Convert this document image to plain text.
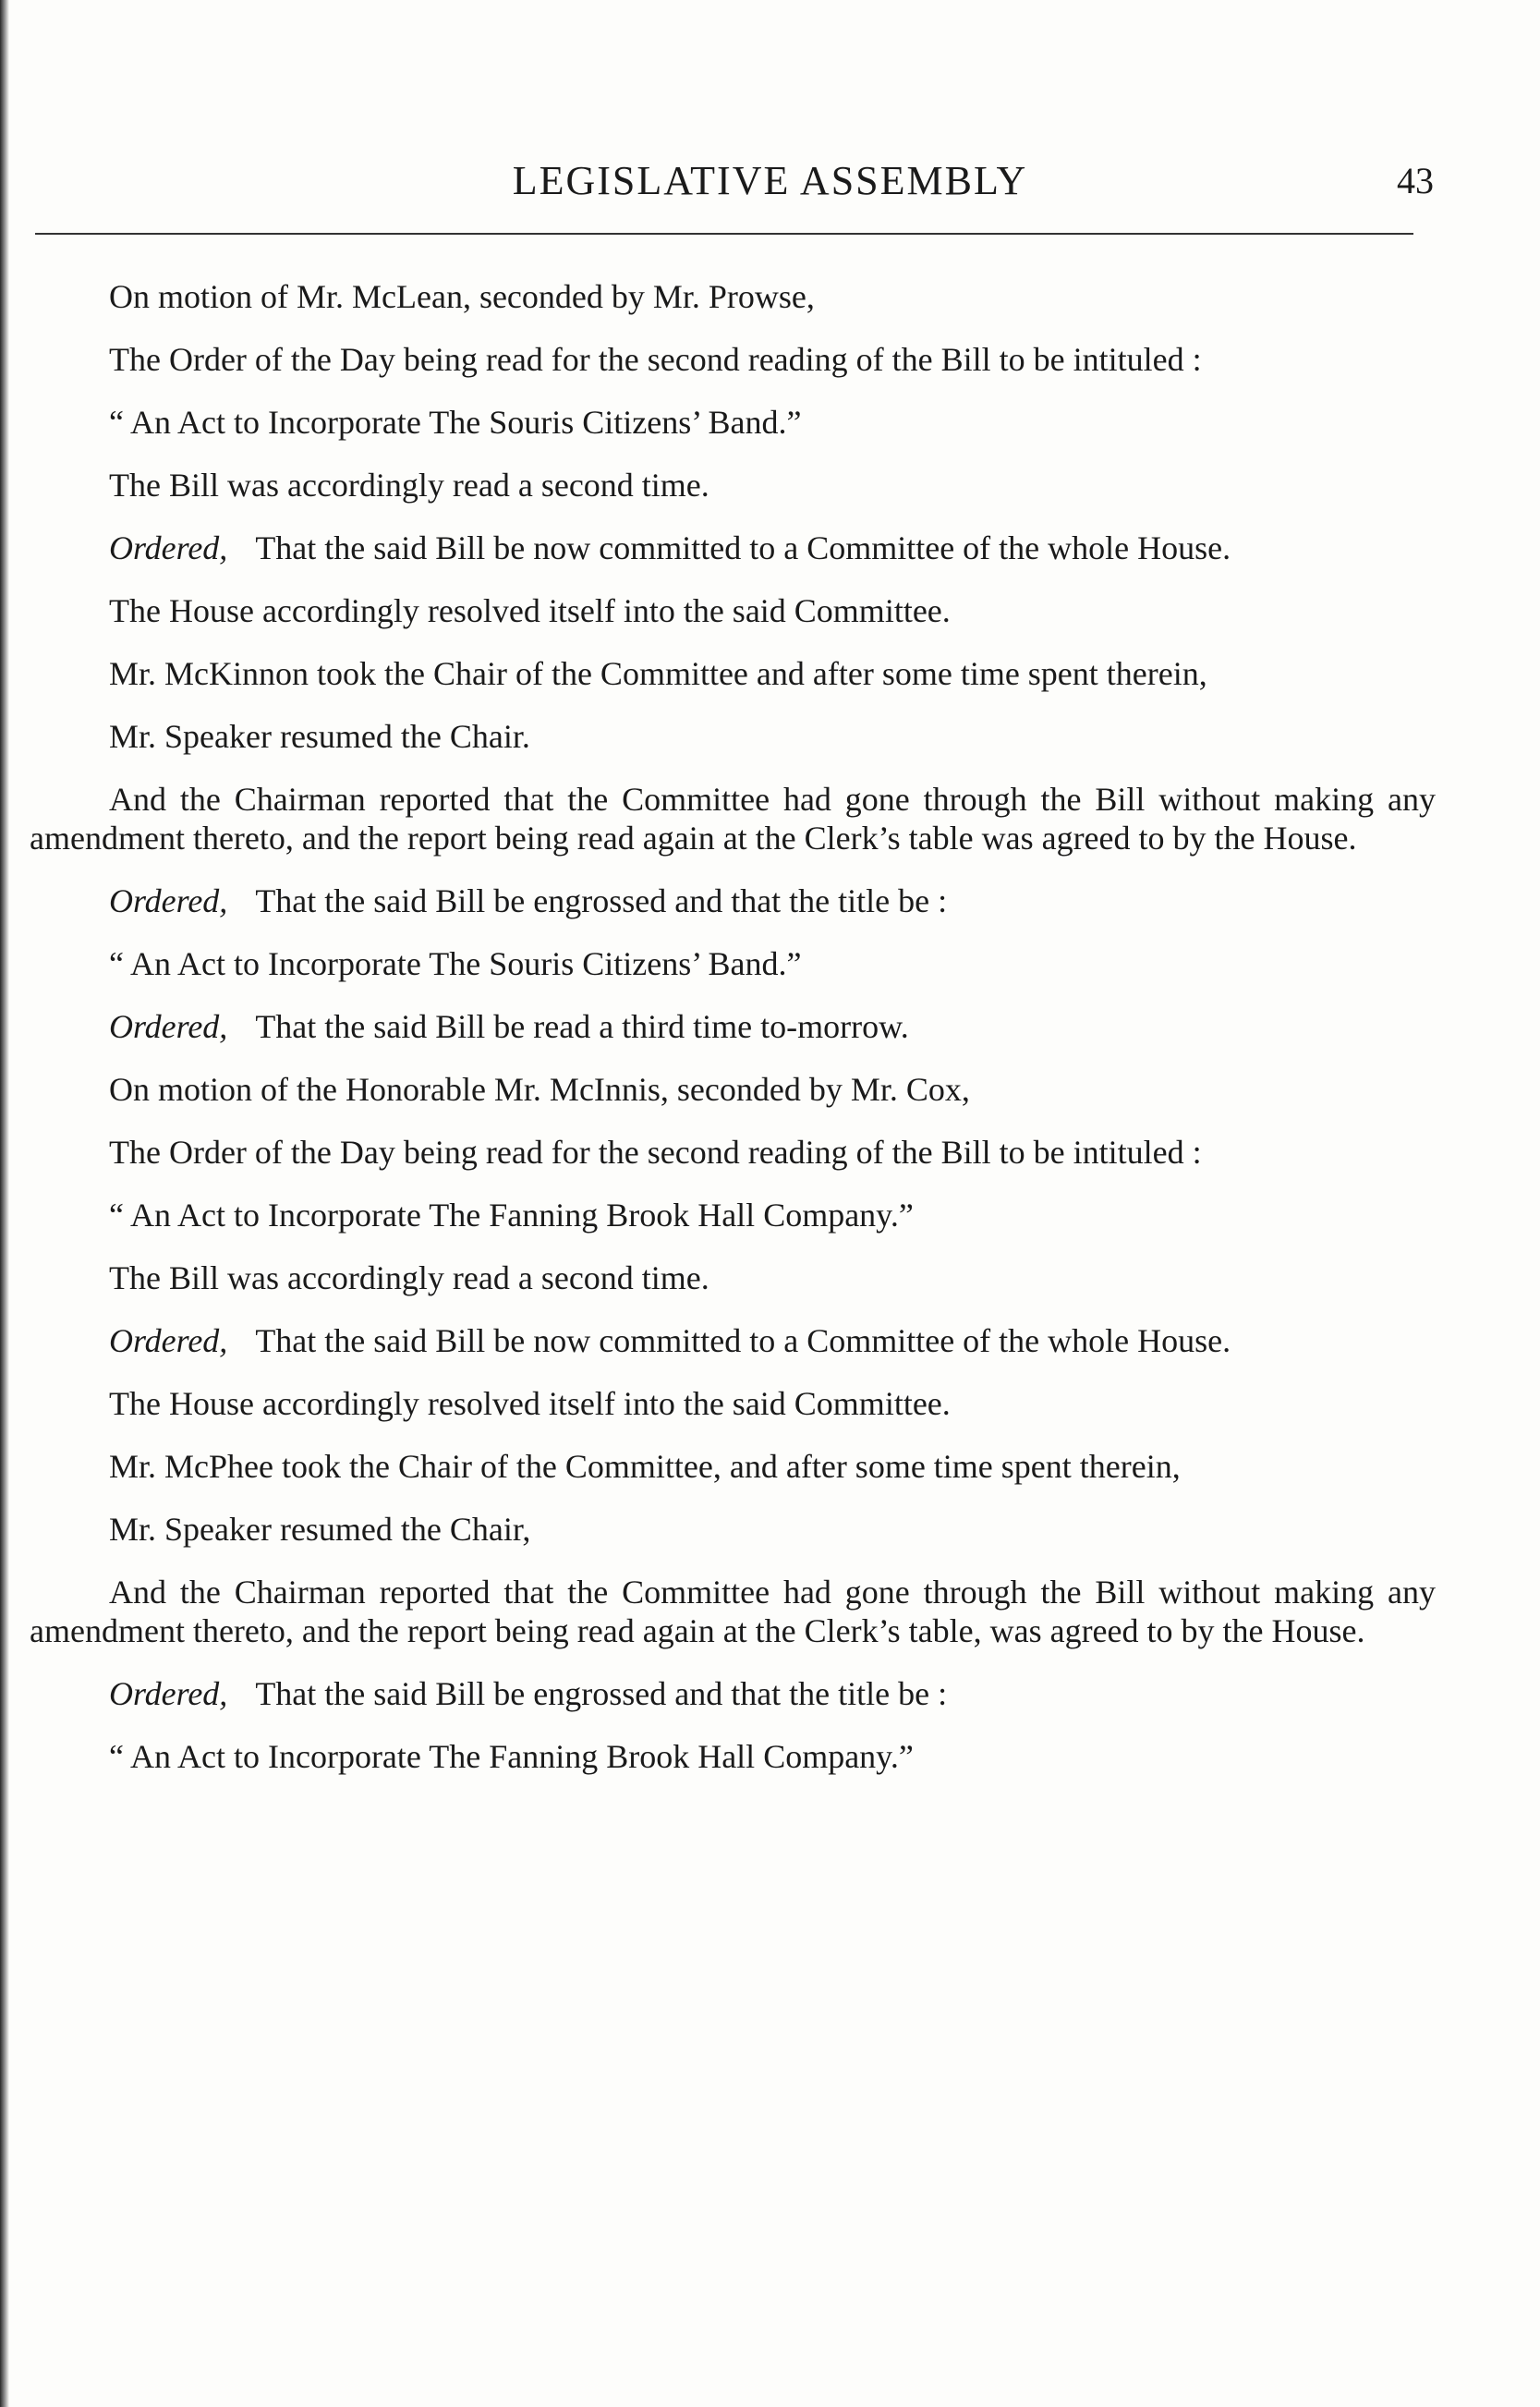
LEGISLATIVE ASSEMBLY	43

On motion of Mr. McLean, seconded by Mr. Prowse,

The Order of the Day being read for the second reading of the Bill to be intituled :

“ An Act to Incorporate The Souris Citizens’ Band.”

The Bill was accordingly read a second time.

Ordered, That the said Bill be now committed to a Committee of the whole House.

The House accordingly resolved itself into the said Committee.

Mr. McKinnon took the Chair of the Committee and after some time spent therein,

Mr. Speaker resumed the Chair.

And the Chairman reported that the Committee had gone through the Bill without making any amendment thereto, and the report being read again at the Clerk’s table was agreed to by the House.

Ordered, That the said Bill be engrossed and that the title be :

“ An Act to Incorporate The Souris Citizens’ Band.”

Ordered, That the said Bill be read a third time to-morrow.

On motion of the Honorable Mr. McInnis, seconded by Mr. Cox,

The Order of the Day being read for the second reading of the Bill to be intituled :

“ An Act to Incorporate The Fanning Brook Hall Company.”

The Bill was accordingly read a second time.

Ordered, That the said Bill be now committed to a Committee of the whole House.

The House accordingly resolved itself into the said Committee.

Mr. McPhee took the Chair of the Committee, and after some time spent therein,

Mr. Speaker resumed the Chair,

And the Chairman reported that the Committee had gone through the Bill without making any amendment thereto, and the report being read again at the Clerk’s table, was agreed to by the House.

Ordered, That the said Bill be engrossed and that the title be :

“ An Act to Incorporate The Fanning Brook Hall Company.”
